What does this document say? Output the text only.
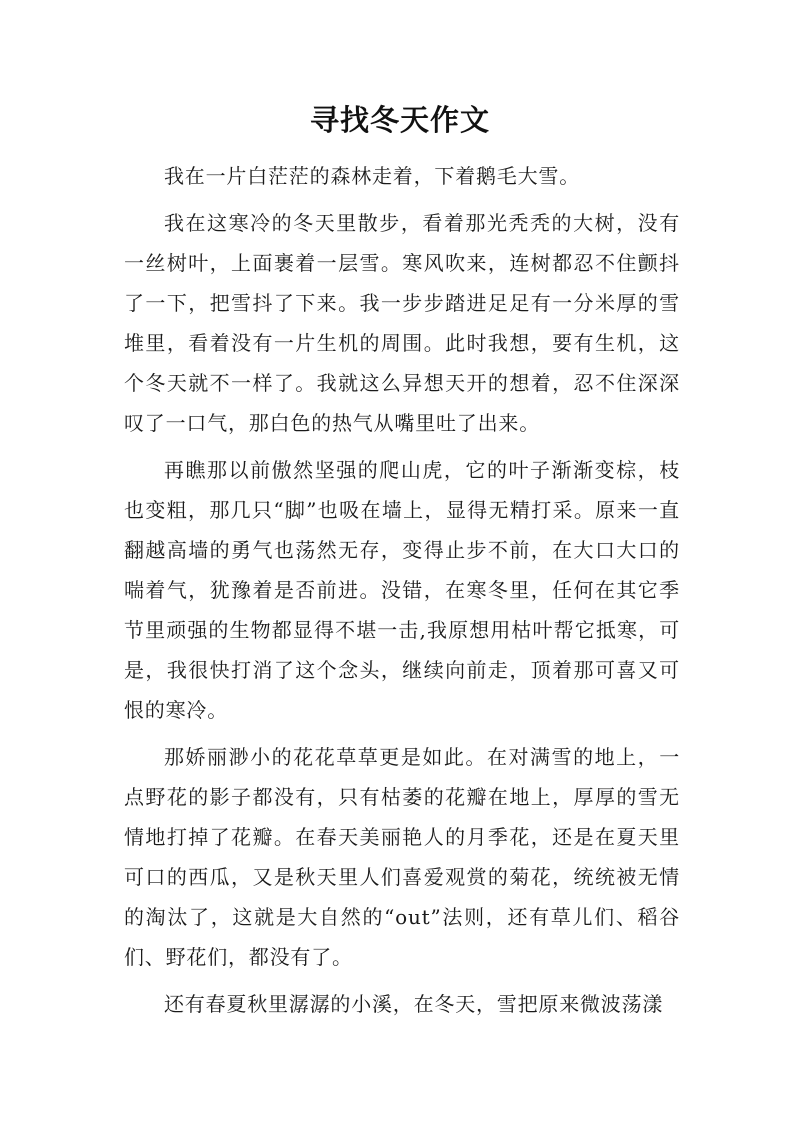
寻找冬天作文

我在一片白茫茫的森林走着，下着鹅毛大雪。

我在这寒冷的冬天里散步，看着那光秃秃的大树，没有一丝树叶，上面裹着一层雪。寒风吹来，连树都忍不住颤抖了一下，把雪抖了下来。我一步步踏进足足有一分米厚的雪堆里，看着没有一片生机的周围。此时我想，要有生机，这个冬天就不一样了。我就这么异想天开的想着，忍不住深深叹了一口气，那白色的热气从嘴里吐了出来。

再瞧那以前傲然坚强的爬山虎，它的叶子渐渐变棕，枝也变粗，那几只“脚”也吸在墙上，显得无精打采。原来一直翻越高墙的勇气也荡然无存，变得止步不前，在大口大口的喘着气，犹豫着是否前进。没错，在寒冬里，任何在其它季节里顽强的生物都显得不堪一击,我原想用枯叶帮它抵寒，可是，我很快打消了这个念头，继续向前走，顶着那可喜又可恨的寒冷。

那娇丽渺小的花花草草更是如此。在对满雪的地上，一点野花的影子都没有，只有枯萎的花瓣在地上，厚厚的雪无情地打掉了花瓣。在春天美丽艳人的月季花，还是在夏天里可口的西瓜，又是秋天里人们喜爱观赏的菊花，统统被无情的淘汰了，这就是大自然的“out”法则，还有草儿们、稻谷们、野花们，都没有了。

还有春夏秋里潺潺的小溪，在冬天，雪把原来微波荡漾
